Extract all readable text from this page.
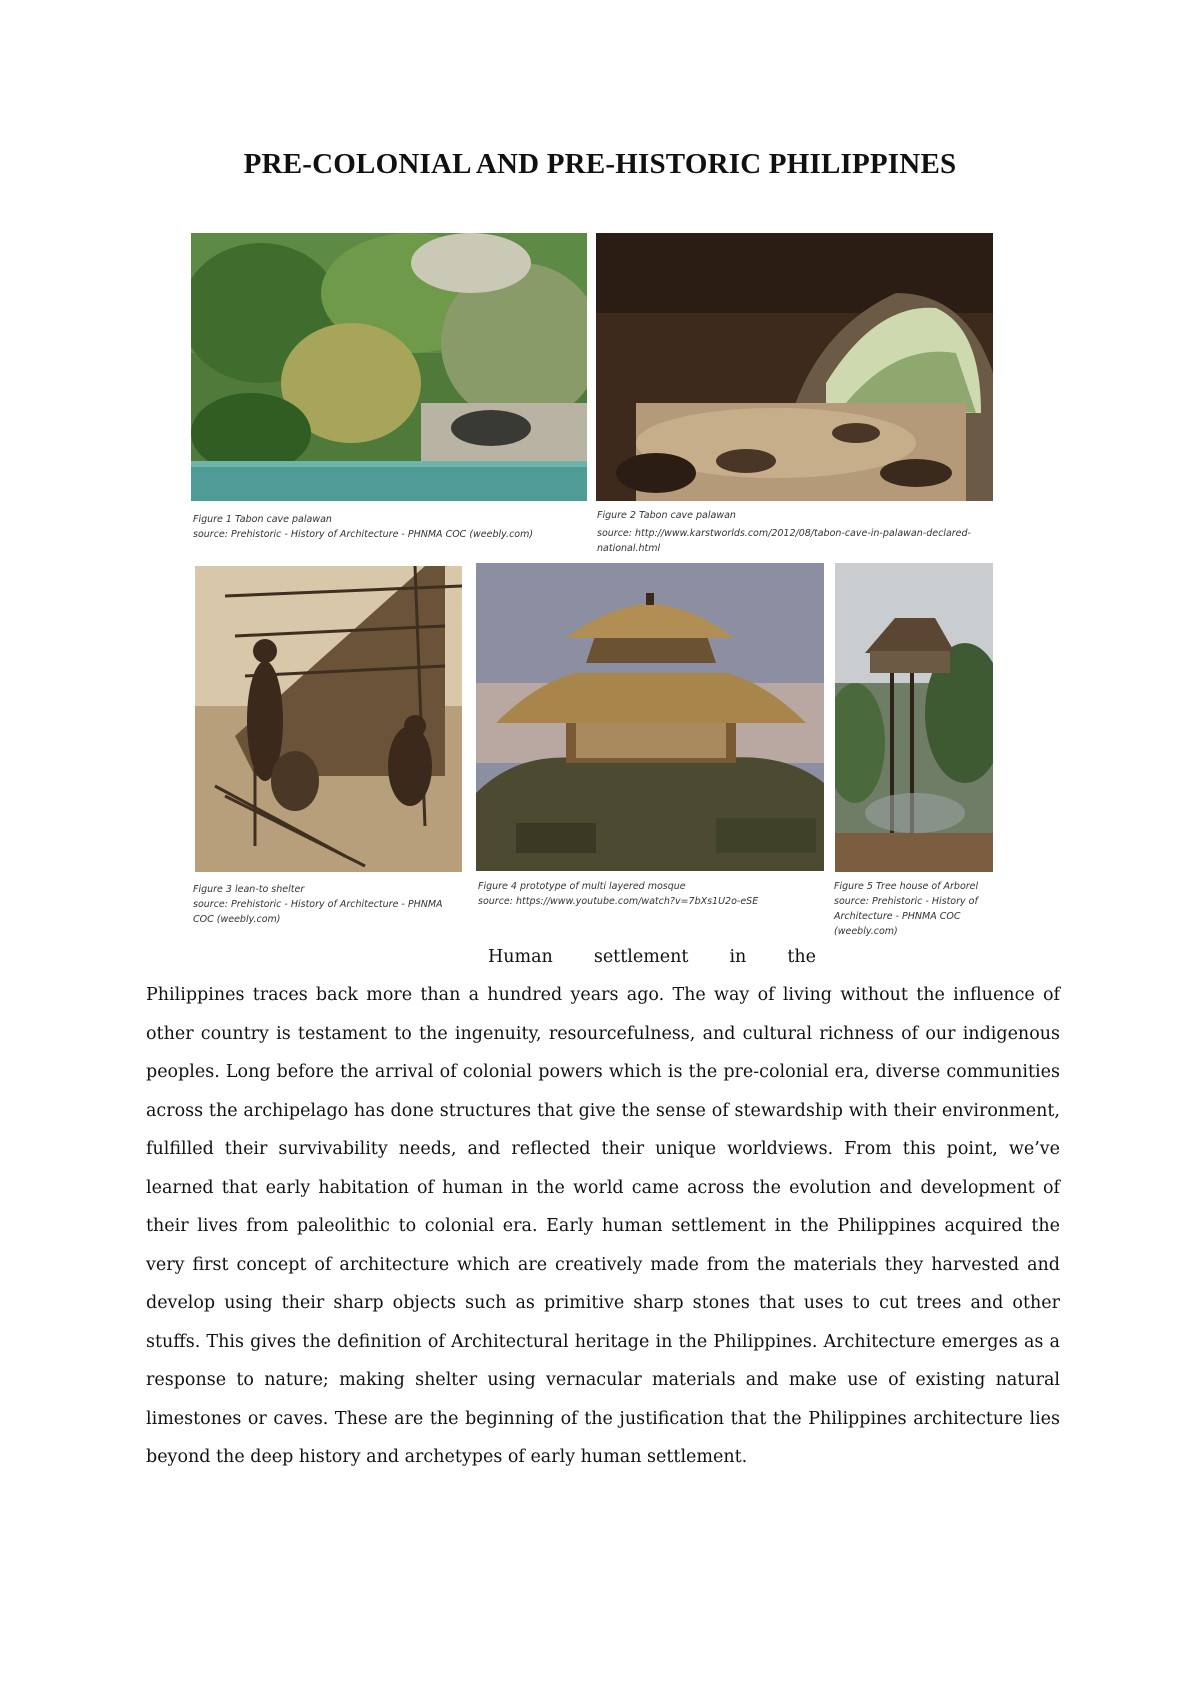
PRE-COLONIAL AND PRE-HISTORIC PHILIPPINES
Figure 1 Tabon cave palawan
source: Prehistoric - History of Architecture - PHNMA COC (weebly.com)
Figure 2 Tabon cave palawan
source: http://www.karstworlds.com/2012/08/tabon-cave-in-palawan-declared-national.html
Figure 3 lean-to shelter
source: Prehistoric - History of Architecture - PHNMA COC (weebly.com)
Figure 4 prototype of multi layered mosque
source: https://www.youtube.com/watch?v=7bXs1U2o-eSE
Figure 5 Tree house of Arborel
source: Prehistoric - History of Architecture - PHNMA COC (weebly.com)
Human settlement in the

Philippines traces back more than a hundred years ago. The way of living without the influence of other country is testament to the ingenuity, resourcefulness, and cultural richness of our indigenous peoples. Long before the arrival of colonial powers which is the pre-colonial era, diverse communities across the archipelago has done structures that give the sense of stewardship with their environment, fulfilled their survivability needs, and reflected their unique worldviews. From this point, we’ve learned that early habitation of human in the world came across the evolution and development of their lives from paleolithic to colonial era. Early human settlement in the Philippines acquired the very first concept of architecture which are creatively made from the materials they harvested and develop using their sharp objects such as primitive sharp stones that uses to cut trees and other stuffs. This gives the definition of Architectural heritage in the Philippines. Architecture emerges as a response to nature; making shelter using vernacular materials and make use of existing natural limestones or caves. These are the beginning of the justification that the Philippines architecture lies beyond the deep history and archetypes of early human settlement.
